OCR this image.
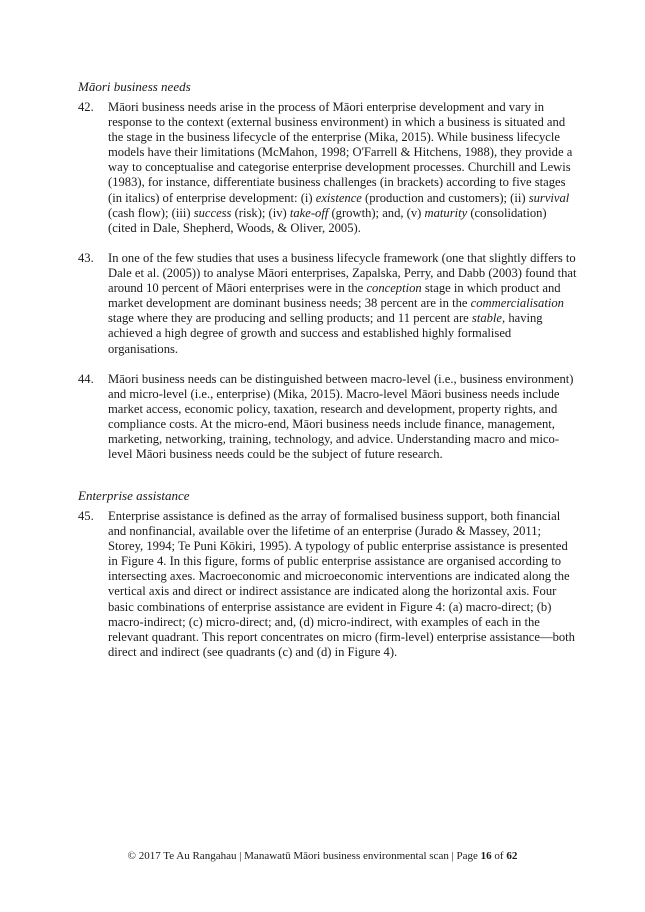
Māori business needs
42.	Māori business needs arise in the process of Māori enterprise development and vary in response to the context (external business environment) in which a business is situated and the stage in the business lifecycle of the enterprise (Mika, 2015). While business lifecycle models have their limitations (McMahon, 1998; O'Farrell & Hitchens, 1988), they provide a way to conceptualise and categorise enterprise development processes. Churchill and Lewis (1983), for instance, differentiate business challenges (in brackets) according to five stages (in italics) of enterprise development: (i) existence (production and customers); (ii) survival (cash flow); (iii) success (risk); (iv) take-off (growth); and, (v) maturity (consolidation) (cited in Dale, Shepherd, Woods, & Oliver, 2005).
43.	In one of the few studies that uses a business lifecycle framework (one that slightly differs to Dale et al. (2005)) to analyse Māori enterprises, Zapalska, Perry, and Dabb (2003) found that around 10 percent of Māori enterprises were in the conception stage in which product and market development are dominant business needs; 38 percent are in the commercialisation stage where they are producing and selling products; and 11 percent are stable, having achieved a high degree of growth and success and established highly formalised organisations.
44.	Māori business needs can be distinguished between macro-level (i.e., business environment) and micro-level (i.e., enterprise) (Mika, 2015). Macro-level Māori business needs include market access, economic policy, taxation, research and development, property rights, and compliance costs. At the micro-end, Māori business needs include finance, management, marketing, networking, training, technology, and advice. Understanding macro and mico-level Māori business needs could be the subject of future research.
Enterprise assistance
45.	Enterprise assistance is defined as the array of formalised business support, both financial and nonfinancial, available over the lifetime of an enterprise (Jurado & Massey, 2011; Storey, 1994; Te Puni Kōkiri, 1995). A typology of public enterprise assistance is presented in Figure 4. In this figure, forms of public enterprise assistance are organised according to intersecting axes. Macroeconomic and microeconomic interventions are indicated along the vertical axis and direct or indirect assistance are indicated along the horizontal axis. Four basic combinations of enterprise assistance are evident in Figure 4: (a) macro-direct; (b) macro-indirect; (c) micro-direct; and, (d) micro-indirect, with examples of each in the relevant quadrant. This report concentrates on micro (firm-level) enterprise assistance—both direct and indirect (see quadrants (c) and (d) in Figure 4).
© 2017 Te Au Rangahau | Manawatū Māori business environmental scan | Page 16 of 62
